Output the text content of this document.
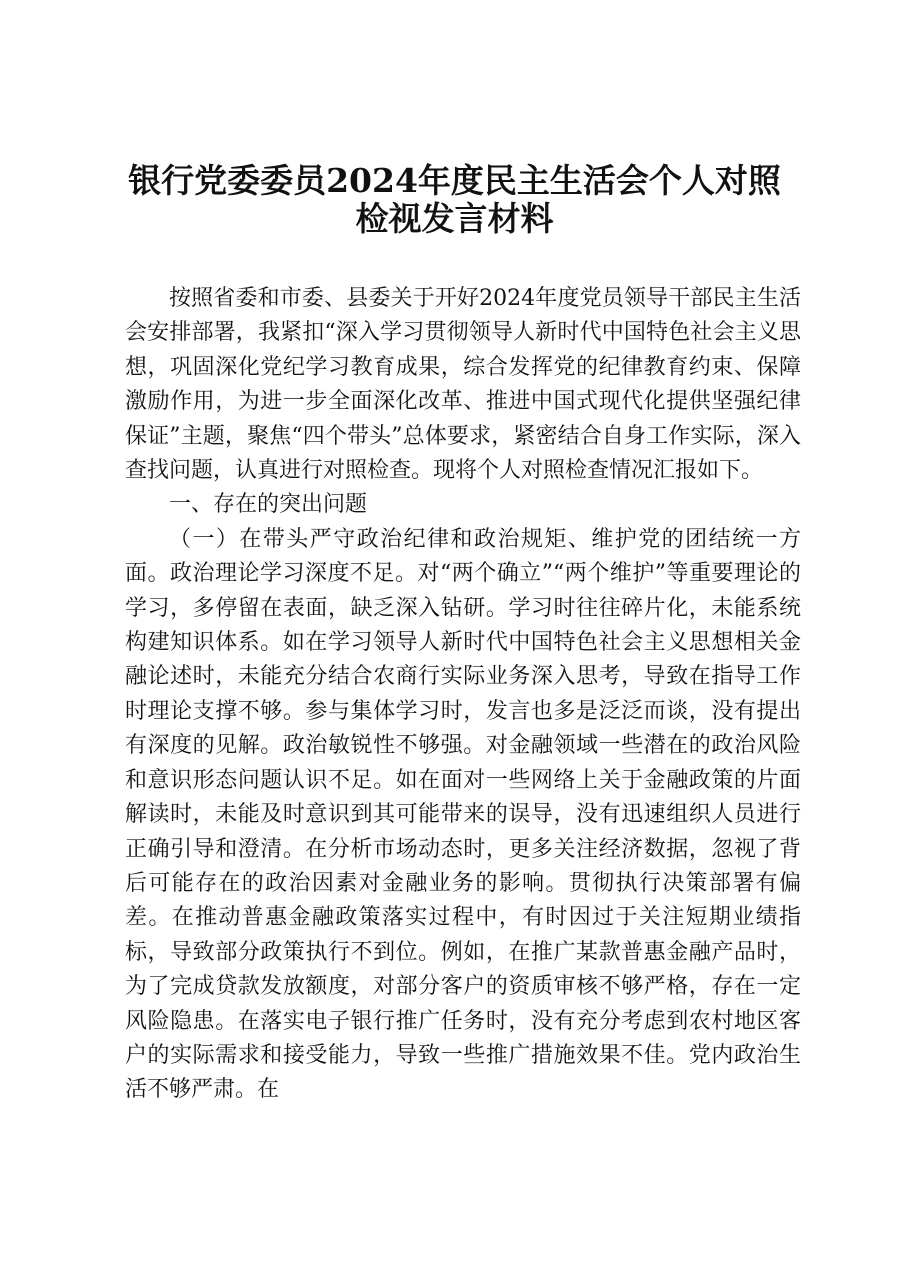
银行党委委员2024年度民主生活会个人对照
检视发言材料

按照省委和市委、县委关于开好2024年度党员领导干部民主生活会安排部署，我紧扣“深入学习贯彻领导人新时代中国特色社会主义思想，巩固深化党纪学习教育成果，综合发挥党的纪律教育约束、保障激励作用，为进一步全面深化改革、推进中国式现代化提供坚强纪律保证”主题，聚焦“四个带头”总体要求，紧密结合自身工作实际，深入查找问题，认真进行对照检查。现将个人对照检查情况汇报如下。

一、存在的突出问题

（一）在带头严守政治纪律和政治规矩、维护党的团结统一方面。政治理论学习深度不足。对“两个确立”“两个维护”等重要理论的学习，多停留在表面，缺乏深入钻研。学习时往往碎片化，未能系统构建知识体系。如在学习领导人新时代中国特色社会主义思想相关金融论述时，未能充分结合农商行实际业务深入思考，导致在指导工作时理论支撑不够。参与集体学习时，发言也多是泛泛而谈，没有提出有深度的见解。政治敏锐性不够强。对金融领域一些潜在的政治风险和意识形态问题认识不足。如在面对一些网络上关于金融政策的片面解读时，未能及时意识到其可能带来的误导，没有迅速组织人员进行正确引导和澄清。在分析市场动态时，更多关注经济数据，忽视了背后可能存在的政治因素对金融业务的影响。贯彻执行决策部署有偏差。在推动普惠金融政策落实过程中，有时因过于关注短期业绩指标，导致部分政策执行不到位。例如，在推广某款普惠金融产品时，为了完成贷款发放额度，对部分客户的资质审核不够严格，存在一定风险隐患。在落实电子银行推广任务时，没有充分考虑到农村地区客户的实际需求和接受能力，导致一些推广措施效果不佳。党内政治生活不够严肃。在
